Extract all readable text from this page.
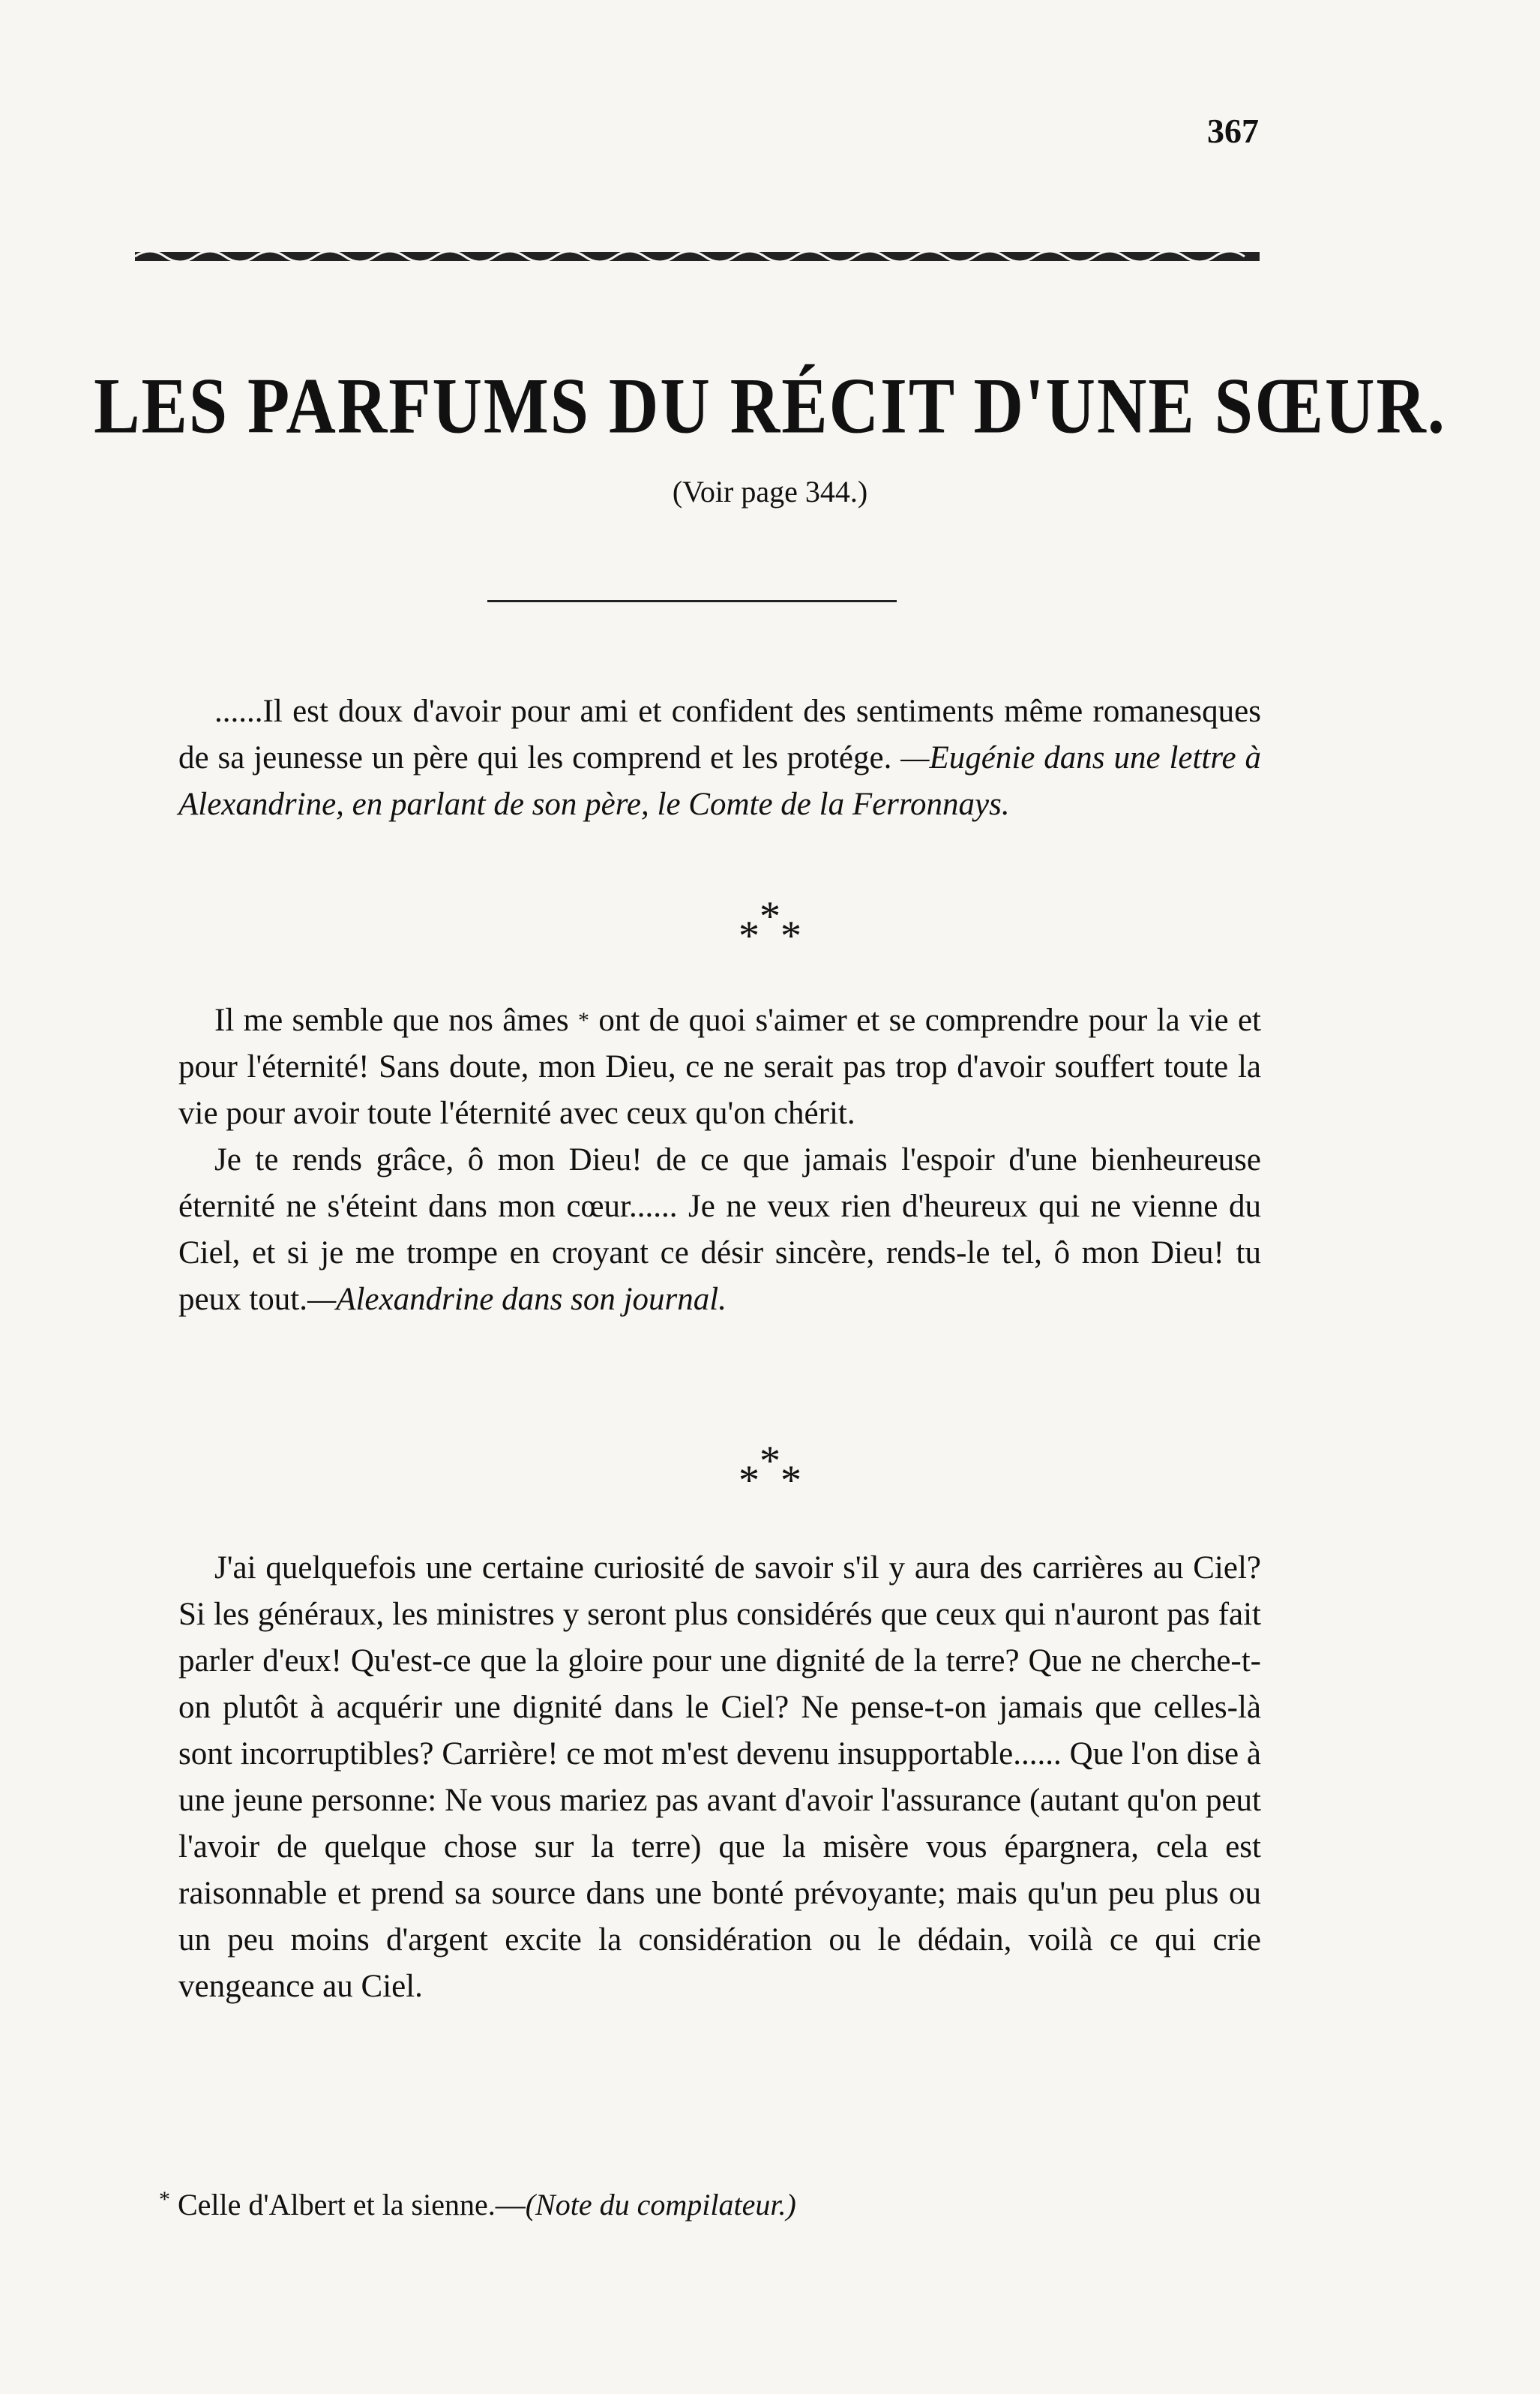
367
LES PARFUMS DU RÉCIT D'UNE SŒUR.
(Voir page 344.)

......Il est doux d'avoir pour ami et confident des sentiments même romanesques de sa jeunesse un père qui les comprend et les protége. —Eugénie dans une lettre à Alexandrine, en parlant de son père, le Comte de la Ferronnays.

*
* *

Il me semble que nos âmes * ont de quoi s'aimer et se comprendre pour la vie et pour l'éternité! Sans doute, mon Dieu, ce ne serait pas trop d'avoir souffert toute la vie pour avoir toute l'éternité avec ceux qu'on chérit.

Je te rends grâce, ô mon Dieu! de ce que jamais l'espoir d'une bienheureuse éternité ne s'éteint dans mon cœur...... Je ne veux rien d'heureux qui ne vienne du Ciel, et si je me trompe en croyant ce désir sincère, rends-le tel, ô mon Dieu! tu peux tout.—Alexandrine dans son journal.

*
* *

J'ai quelquefois une certaine curiosité de savoir s'il y aura des carrières au Ciel? Si les généraux, les ministres y seront plus considérés que ceux qui n'auront pas fait parler d'eux! Qu'est-ce que la gloire pour une dignité de la terre? Que ne cherche-t-on plutôt à acquérir une dignité dans le Ciel? Ne pense-t-on jamais que celles-là sont incorruptibles? Carrière! ce mot m'est devenu insupportable...... Que l'on dise à une jeune personne: Ne vous mariez pas avant d'avoir l'assurance (autant qu'on peut l'avoir de quelque chose sur la terre) que la misère vous épargnera, cela est raisonnable et prend sa source dans une bonté prévoyante; mais qu'un peu plus ou un peu moins d'argent excite la considération ou le dédain, voilà ce qui crie vengeance au Ciel.

* Celle d'Albert et la sienne.—(Note du compilateur.)
